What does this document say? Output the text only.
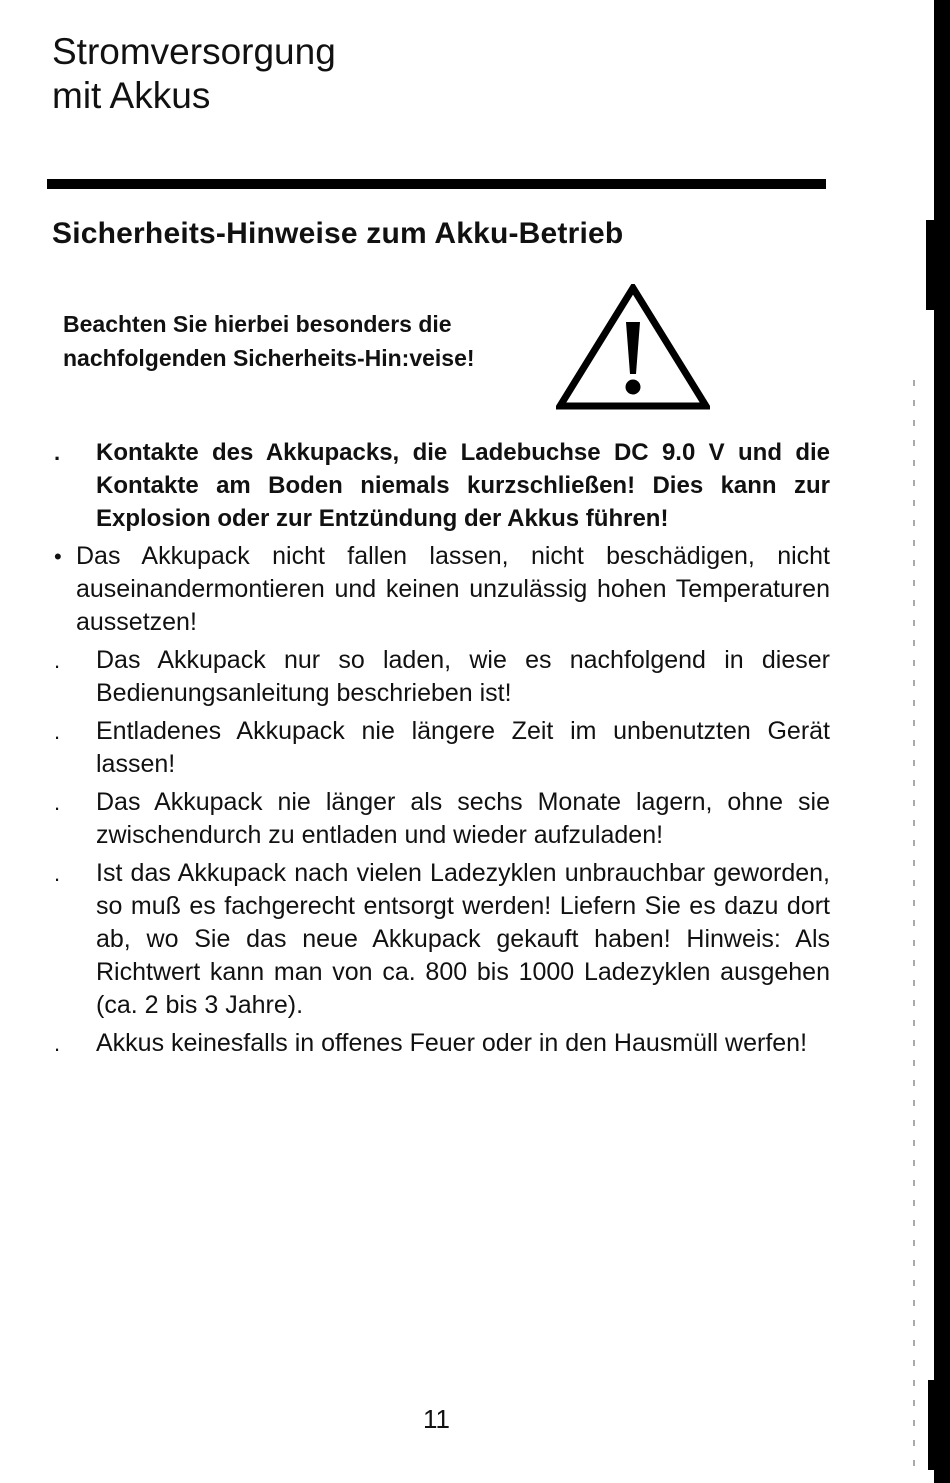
Stromversorgung
mit Akkus
Sicherheits-Hinweise zum Akku-Betrieb
Beachten Sie hierbei besonders die
nachfolgenden Sicherheits-Hin:veise!
. Kontakte des Akkupacks, die Ladebuchse DC 9.0 V und die Kontakte am Boden niemals kurzschließen! Dies kann zur Explosion oder zur Entzündung der Akkus führen!
• Das Akkupack nicht fallen lassen, nicht beschädigen, nicht auseinandermontieren und keinen unzulässig hohen Temperaturen aussetzen!
. Das Akkupack nur so laden, wie es nachfolgend in dieser Bedienungsanleitung beschrieben ist!
. Entladenes Akkupack nie längere Zeit im unbenutzten Gerät lassen!
. Das Akkupack nie länger als sechs Monate lagern, ohne sie zwischendurch zu entladen und wieder aufzuladen!
. Ist das Akkupack nach vielen Ladezyklen unbrauchbar geworden, so muß es fachgerecht entsorgt werden! Liefern Sie es dazu dort ab, wo Sie das neue Akkupack gekauft haben! Hinweis: Als Richtwert kann man von ca. 800 bis 1000 Ladezyklen ausgehen (ca. 2 bis 3 Jahre).
. Akkus keinesfalls in offenes Feuer oder in den Hausmüll werfen!
11
